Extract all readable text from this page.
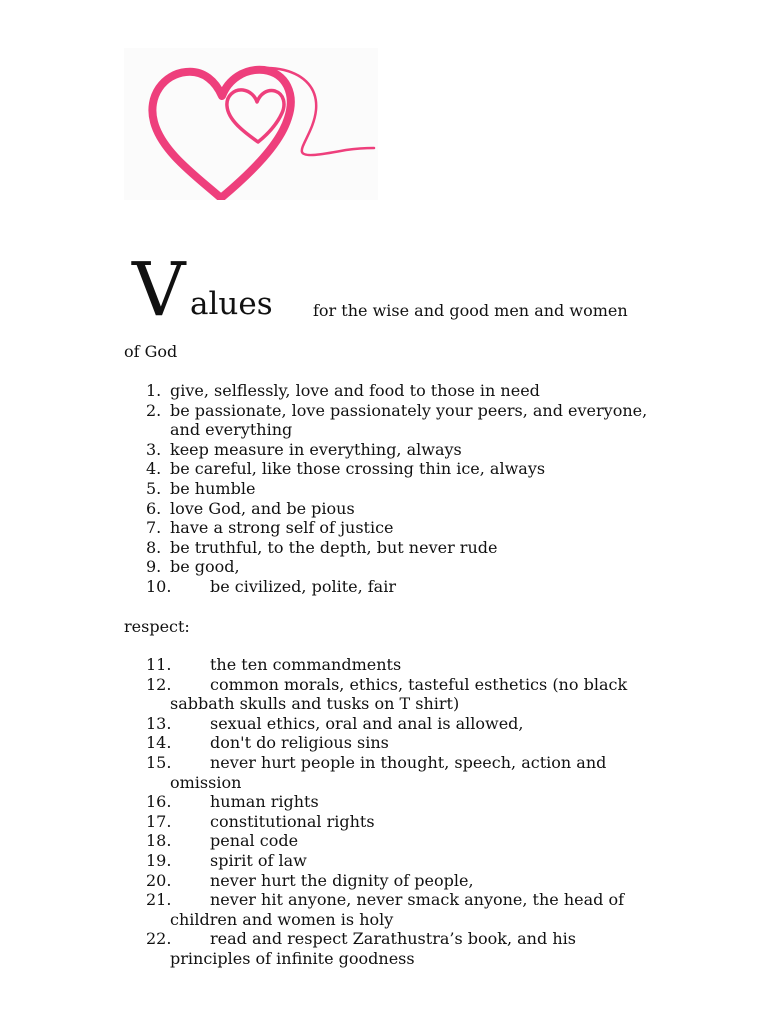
V alues	for the wise and good men and women
of God
1. give, selflessly, love and food to those in need
2. be passionate, love passionately your peers, and everyone, and everything
3. keep measure in everything, always
4. be careful, like those crossing thin ice, always
5. be humble
6. love God, and be pious
7. have a strong self of justice
8. be truthful, to the depth, but never rude
9. be good,
10. be civilized, polite, fair
respect:
11. the ten commandments
12. common morals, ethics, tasteful esthetics (no black sabbath skulls and tusks on T shirt)
13. sexual ethics, oral and anal is allowed,
14. don't do religious sins
15. never hurt people in thought, speech, action and omission
16. human rights
17. constitutional rights
18. penal code
19. spirit of law
20. never hurt the dignity of people,
21. never hit anyone, never smack anyone, the head of children and women is holy
22. read and respect Zarathustra’s book, and his principles of infinite goodness
